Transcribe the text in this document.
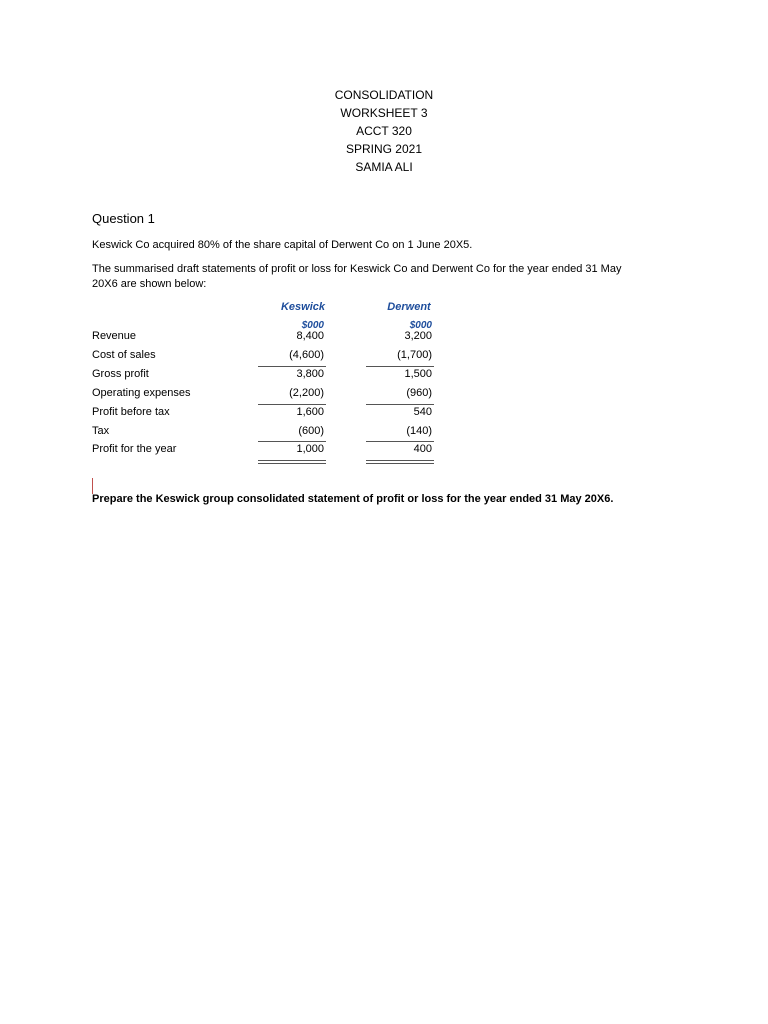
CONSOLIDATION
WORKSHEET 3
ACCT 320
SPRING 2021
SAMIA ALI
Question 1
Keswick Co acquired 80% of the share capital of Derwent Co on 1 June 20X5.
The summarised draft statements of profit or loss for Keswick Co and Derwent Co for the year ended 31 May
20X6 are shown below:
Keswick	Derwent
$000	$000
Revenue
Cost of sales
Gross profit
Operating expenses
Profit before tax
Tax
Profit for the year
8,400
(4,600)
3,800
(2,200)
1,600
(600)
1,000
3,200
(1,700)
1,500
(960)
540
(140)
400
Prepare the Keswick group consolidated statement of profit or loss for the year ended 31 May 20X6.
